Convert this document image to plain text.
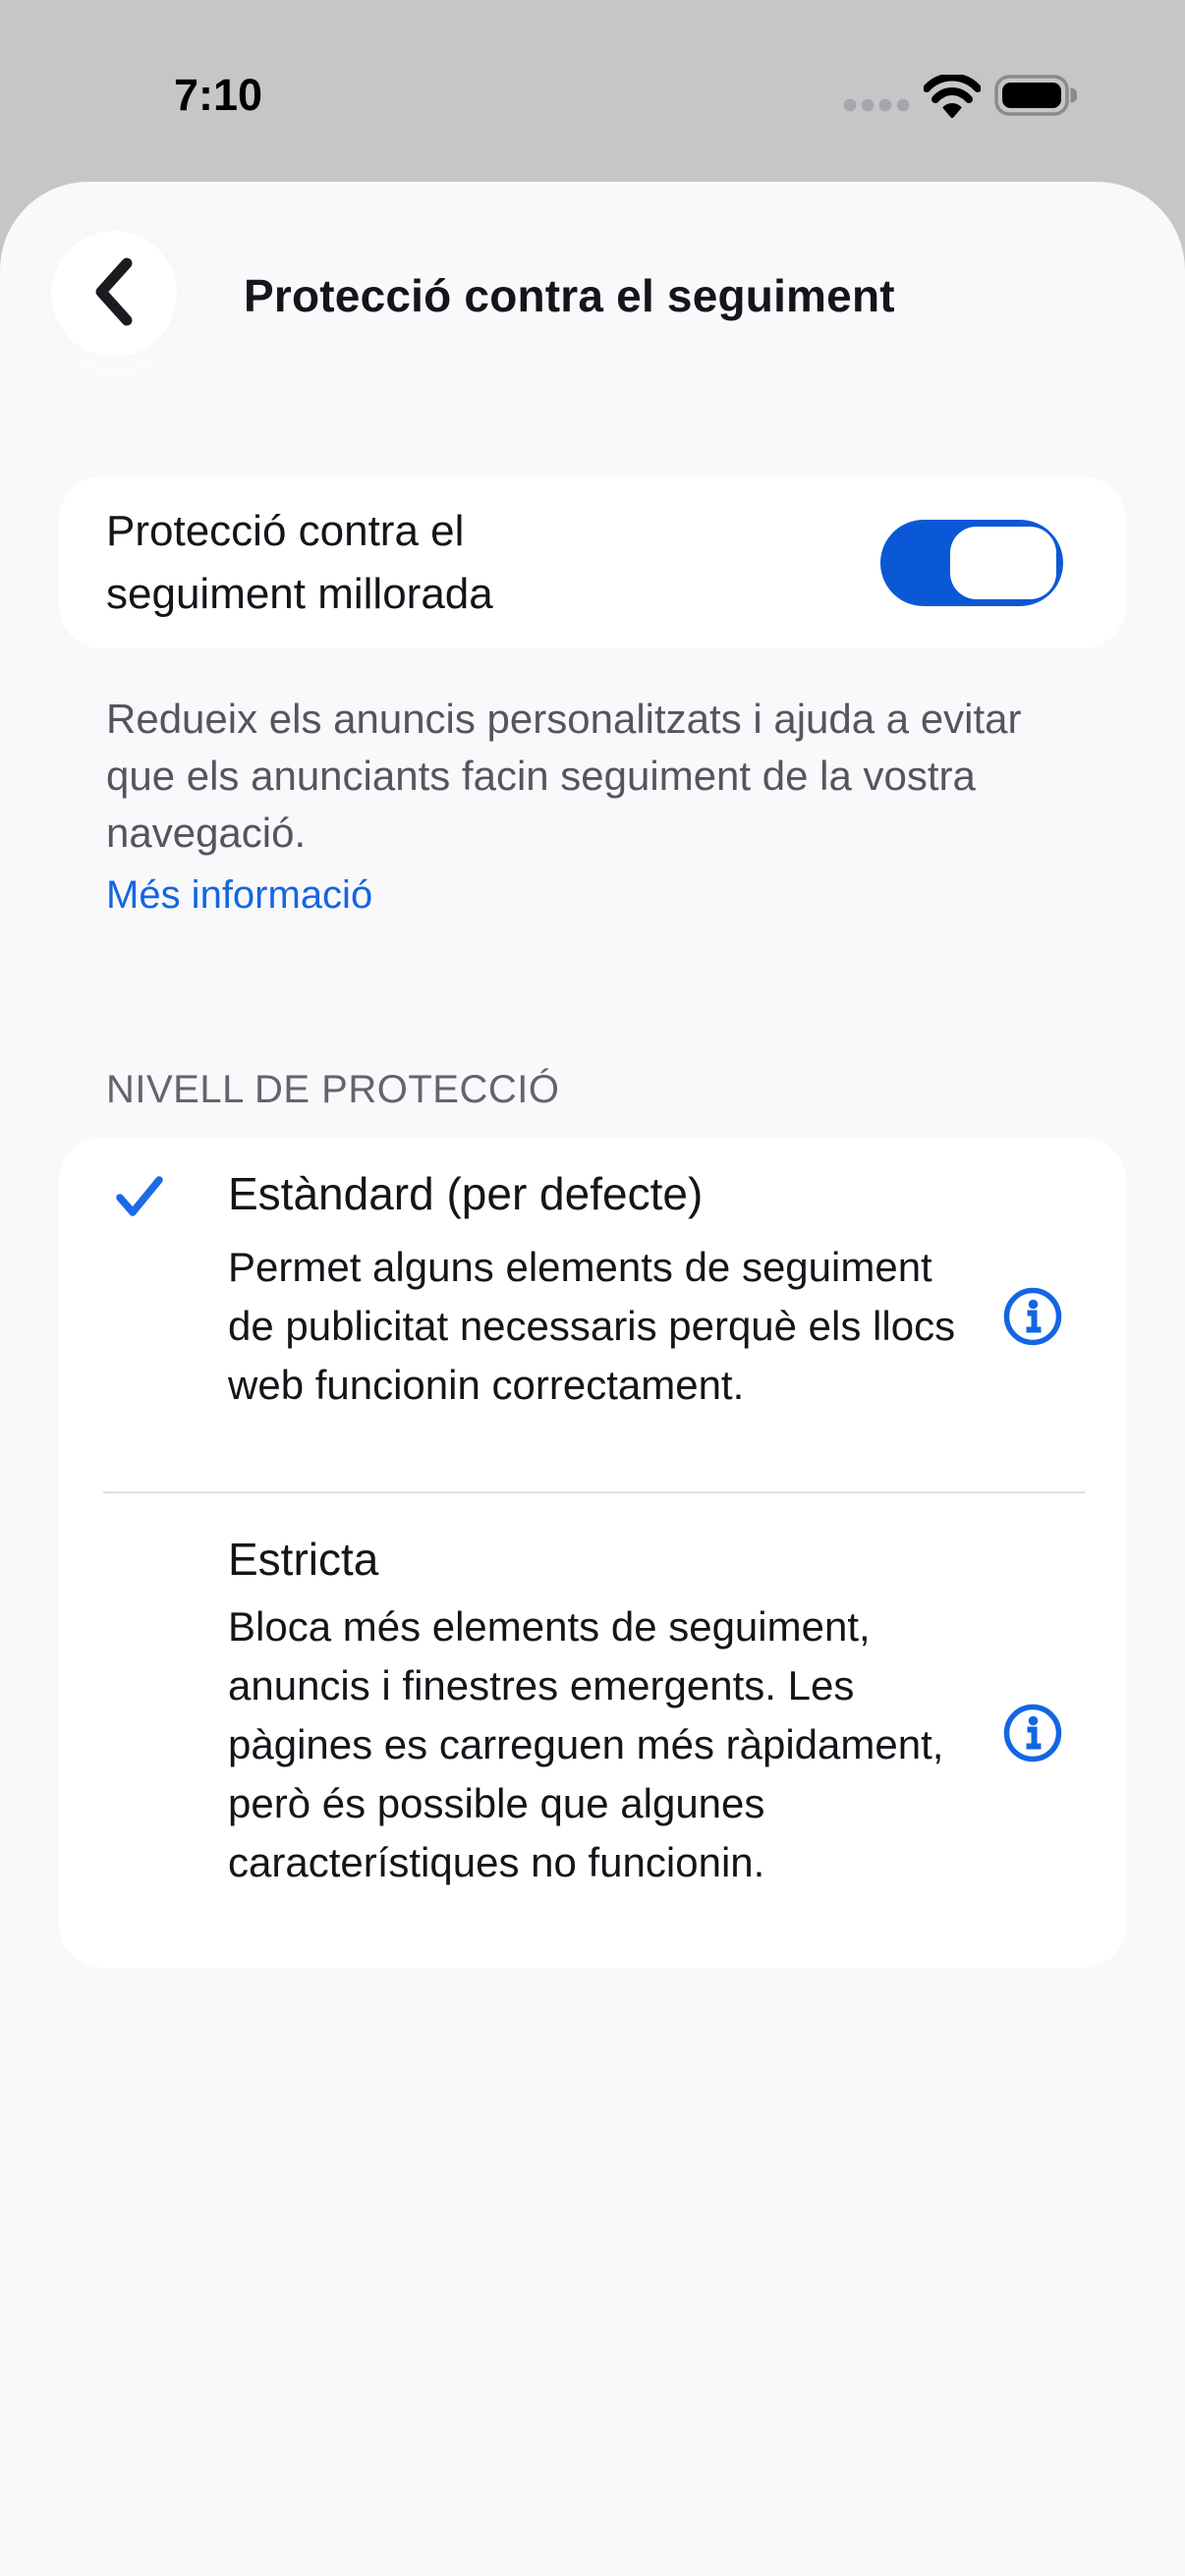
7:10
Protecció contra el seguiment
Protecció contra el seguiment millorada
Redueix els anuncis personalitzats i ajuda a evitar que els anunciants facin seguiment de la vostra navegació.
Més informació
NIVELL DE PROTECCIÓ
Estàndard (per defecte)
Permet alguns elements de seguiment de publicitat necessaris perquè els llocs web funcionin correctament.
Estricta
Bloca més elements de seguiment, anuncis i finestres emergents. Les pàgines es carreguen més ràpidament, però és possible que algunes característiques no funcionin.
